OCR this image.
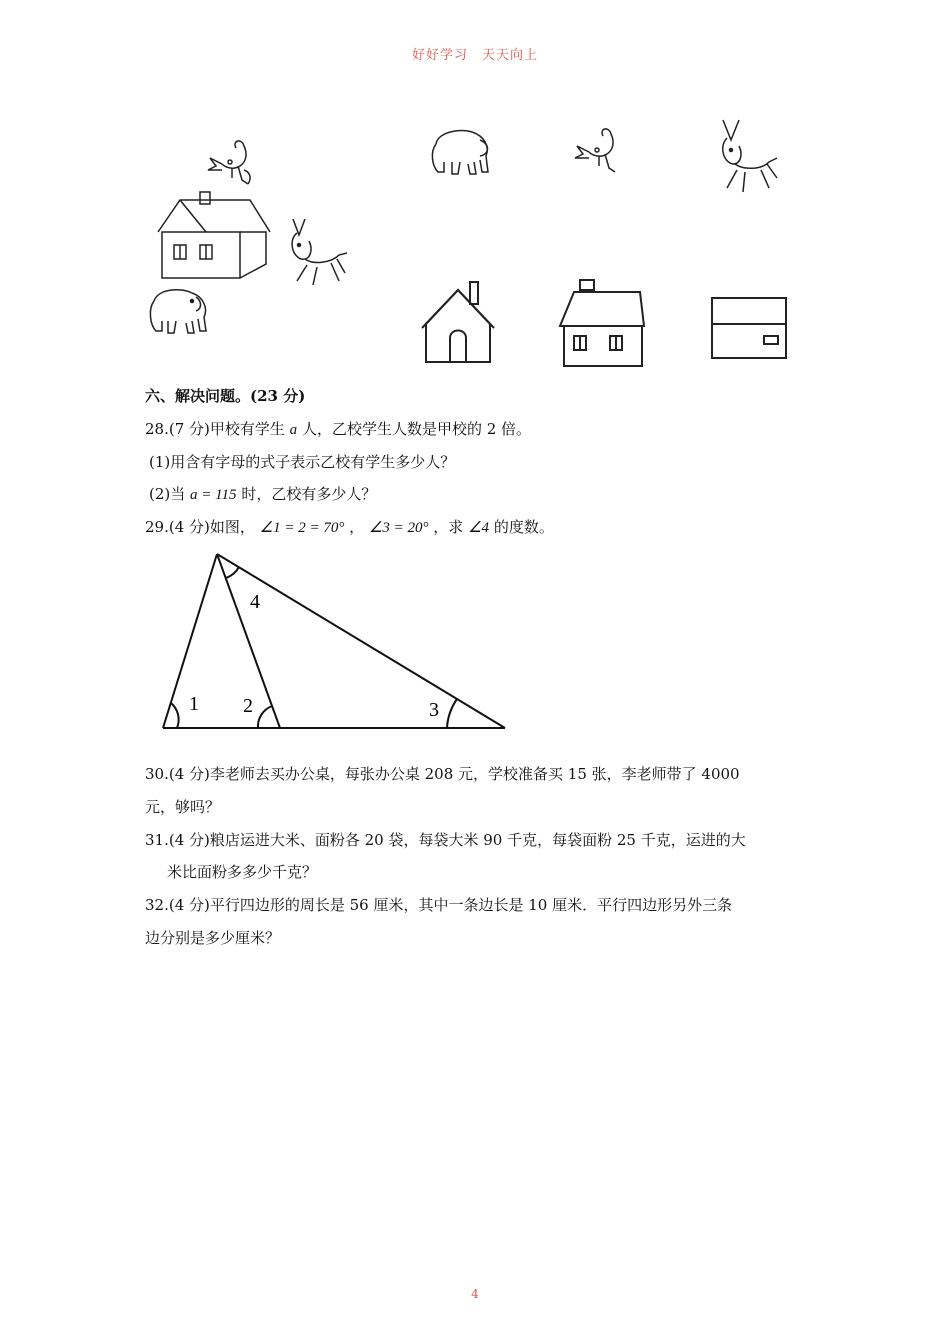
好好学习　天天向上
六、解决问题。(23 分)
28.(7 分)甲校有学生 a 人，乙校学生人数是甲校的 2 倍。
(1)用含有字母的式子表示乙校有学生多少人？
(2)当 a = 115 时，乙校有多少人？
29.(4 分)如图， ∠1 = 2 = 70° ， ∠3 = 20° ，求 ∠4 的度数。
1 2	3
4
30.(4 分)李老师去买办公桌，每张办公桌 208 元，学校准备买 15 张，李老师带了 4000
元，够吗？
31.(4 分)粮店运进大米、面粉各 20 袋，每袋大米 90 千克，每袋面粉 25 千克，运进的大
米比面粉多多少千克？
32.(4 分)平行四边形的周长是 56 厘米，其中一条边长是 10 厘米．平行四边形另外三条
边分别是多少厘米？
4
